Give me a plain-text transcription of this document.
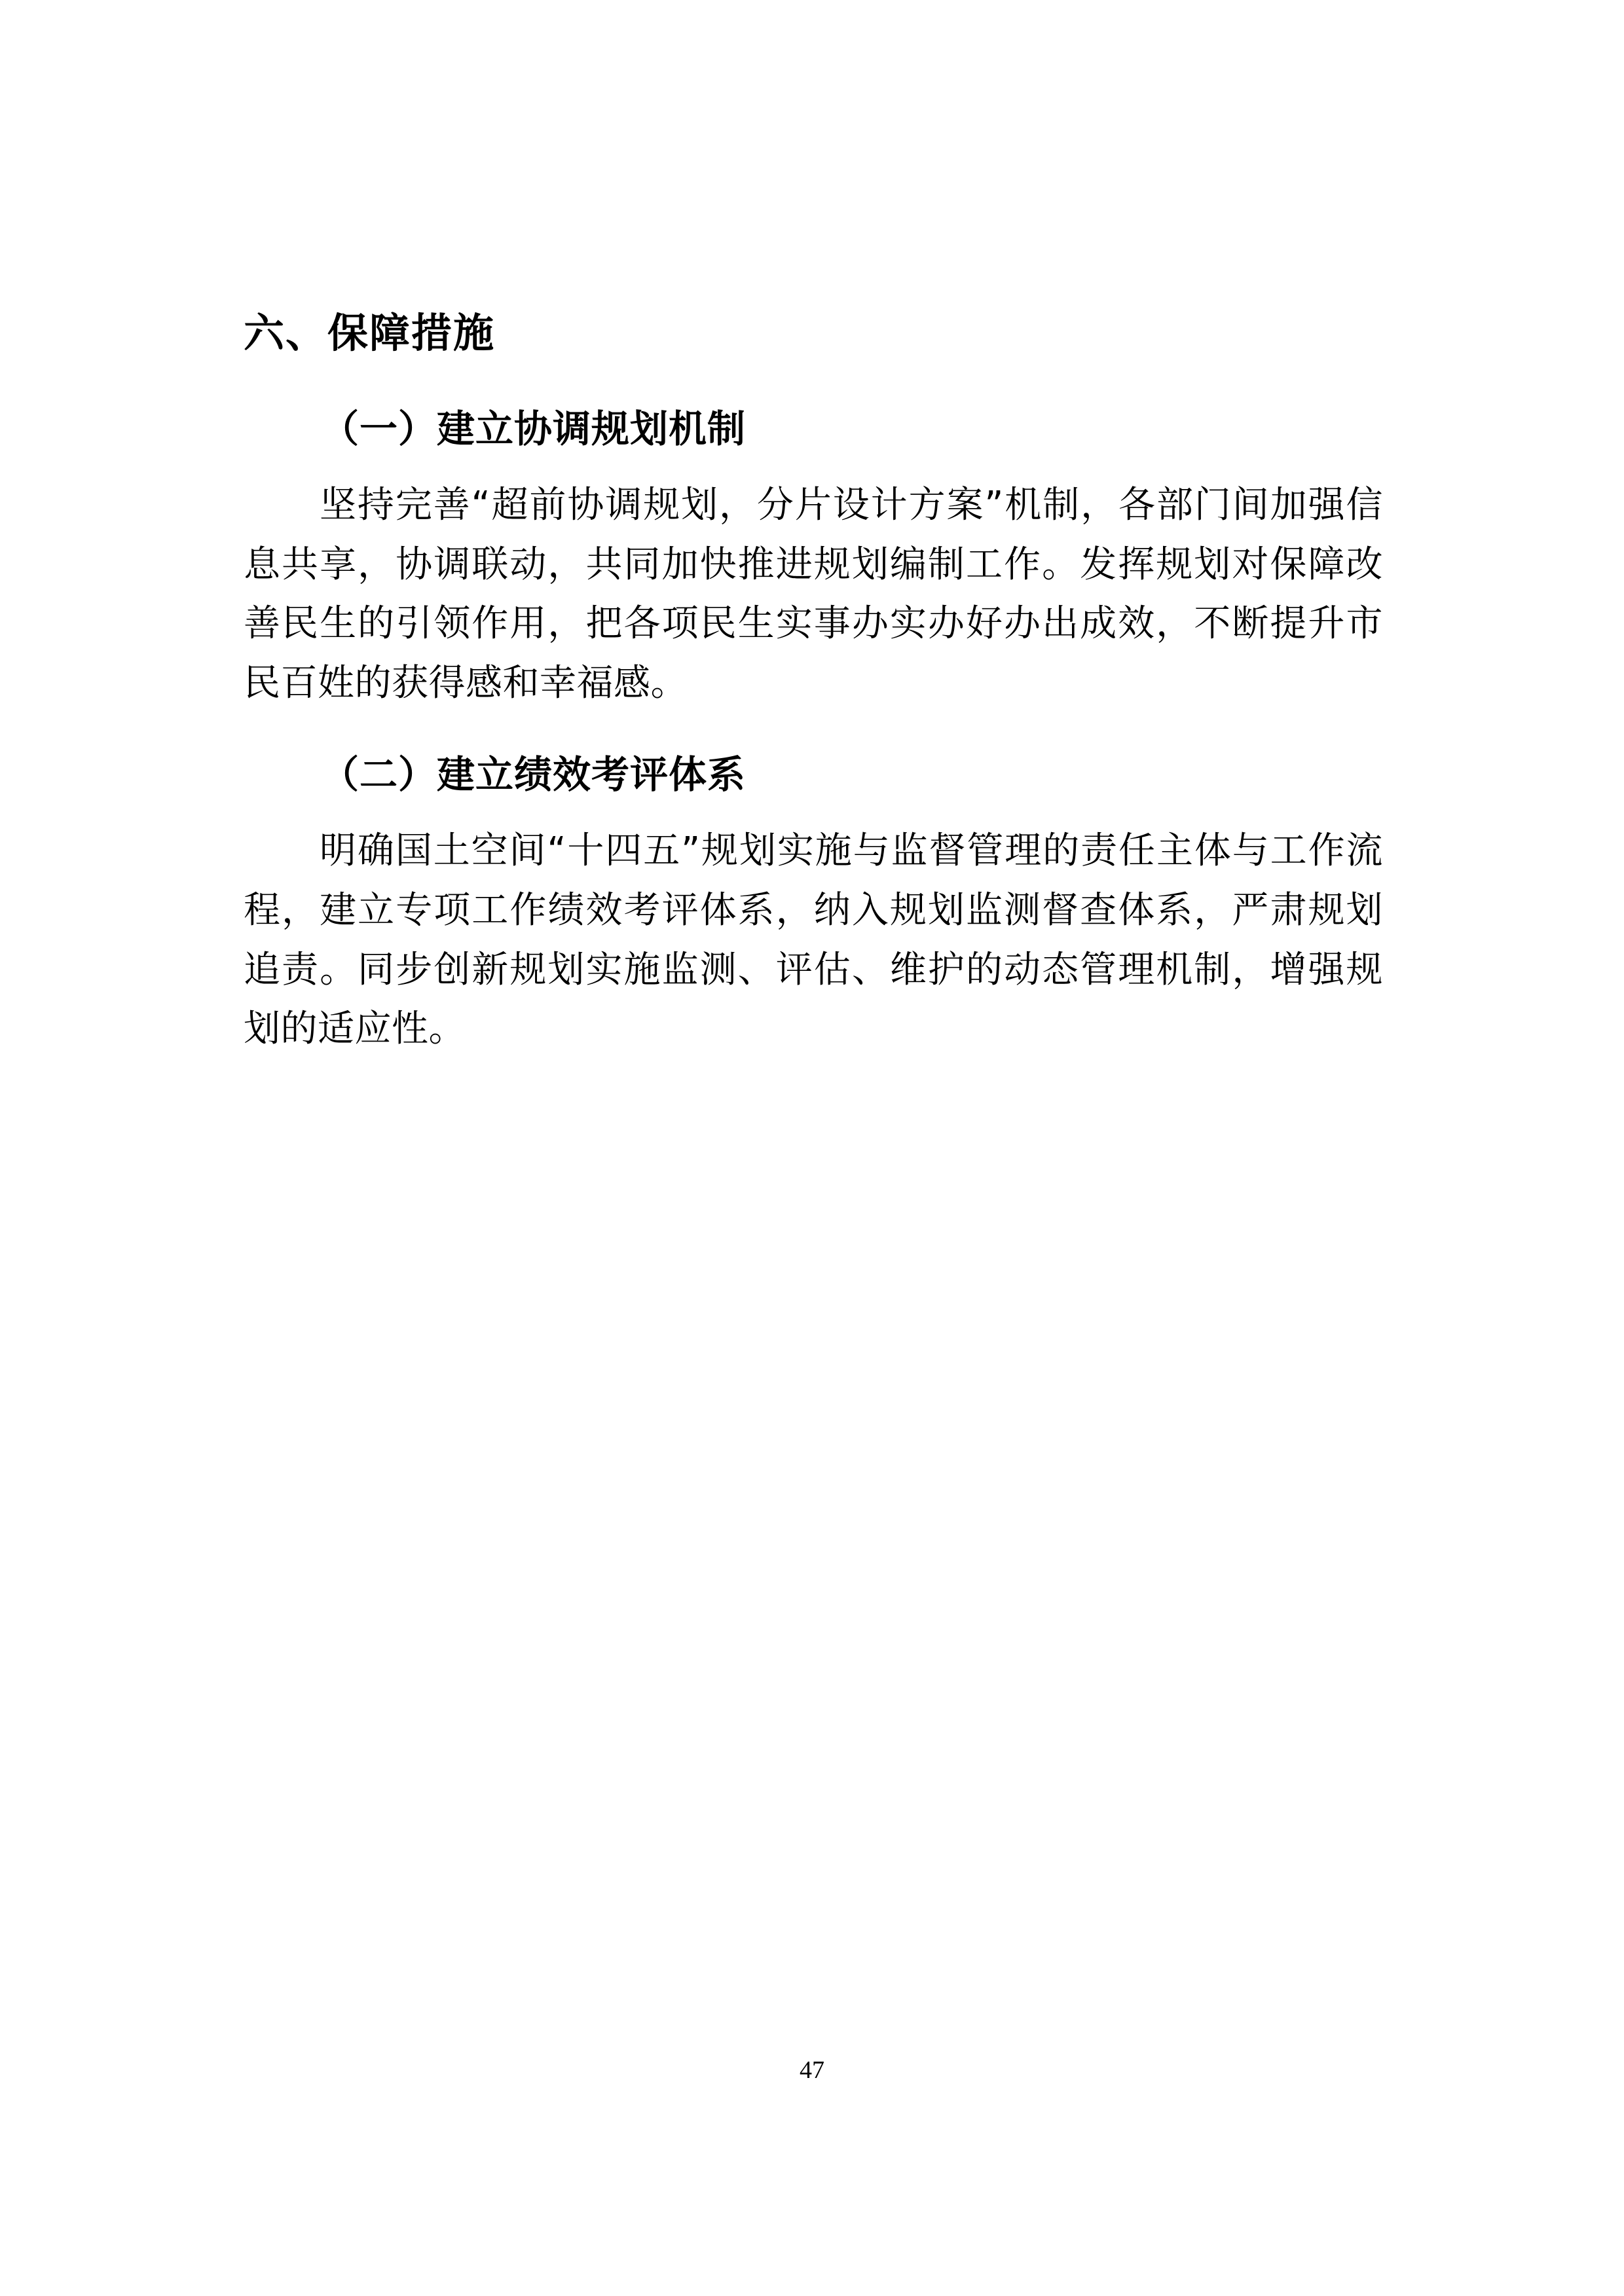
六、保障措施
（一）建立协调规划机制

坚持完善“超前协调规划，分片设计方案”机制，各部门间加强信息共享，协调联动，共同加快推进规划编制工作。发挥规划对保障改善民生的引领作用，把各项民生实事办实办好办出成效，不断提升市民百姓的获得感和幸福感。

（二）建立绩效考评体系

明确国土空间“十四五”规划实施与监督管理的责任主体与工作流程，建立专项工作绩效考评体系，纳入规划监测督查体系，严肃规划追责。同步创新规划实施监测、评估、维护的动态管理机制，增强规划的适应性。

47
